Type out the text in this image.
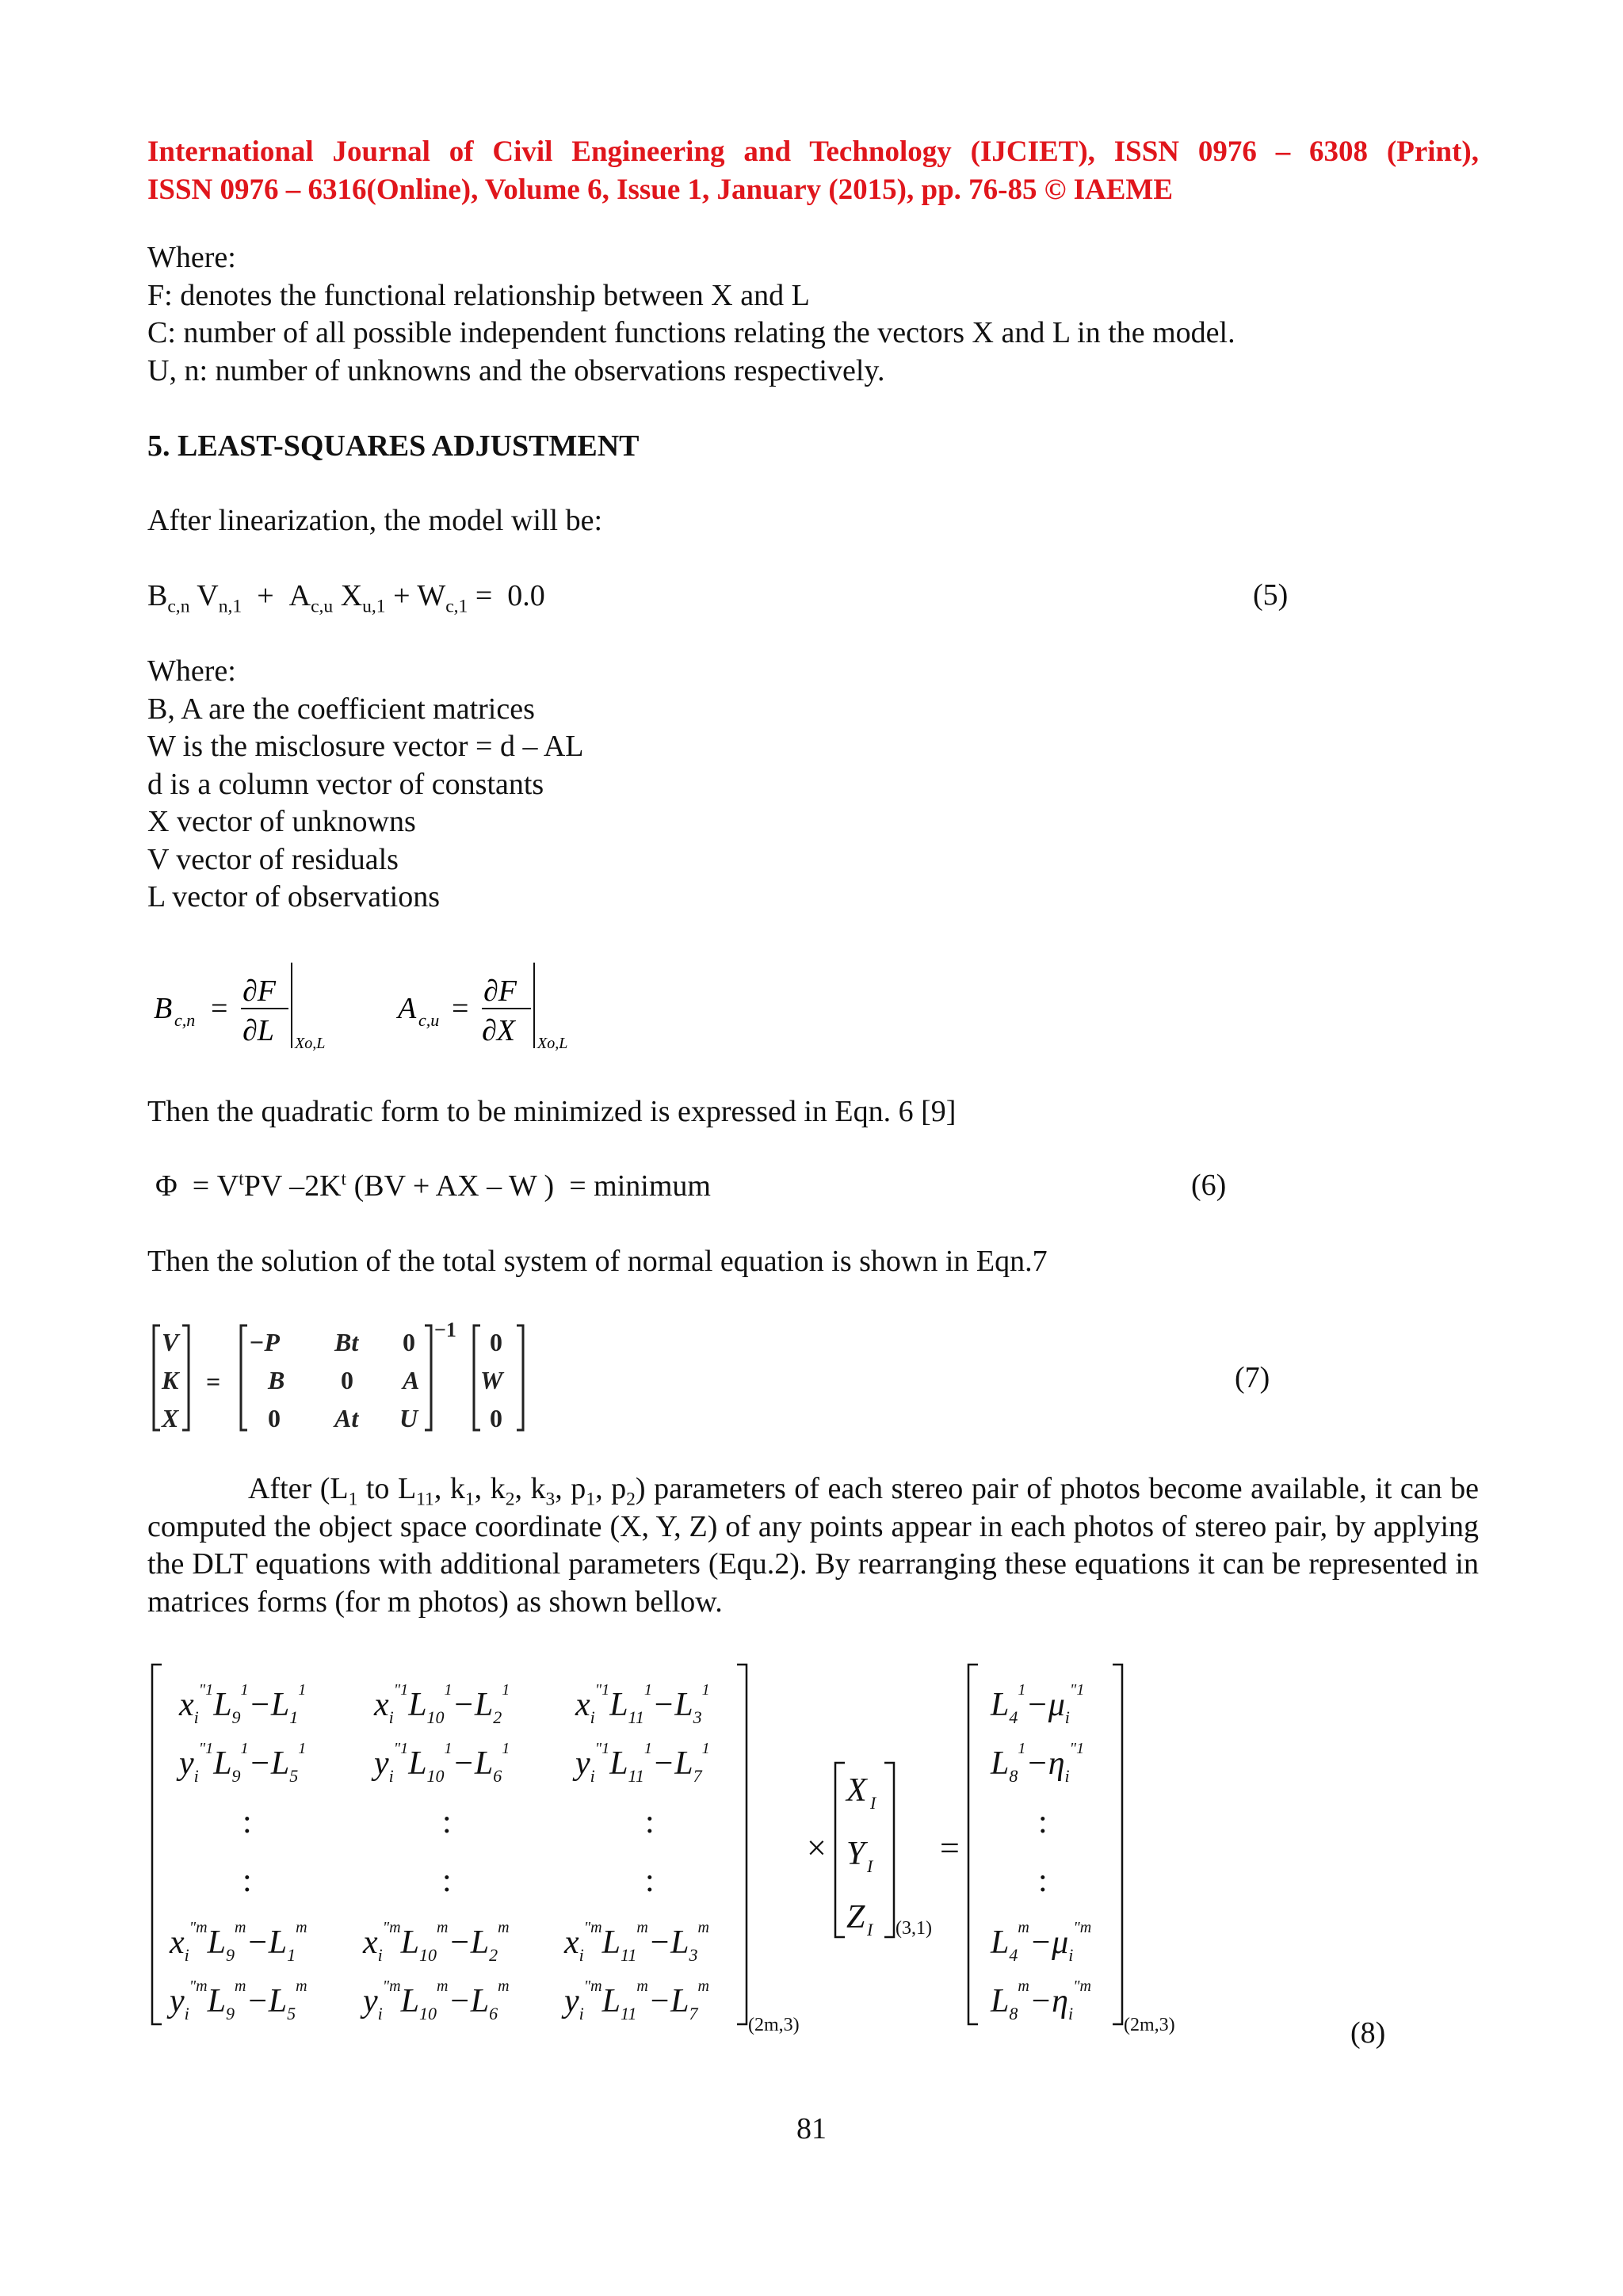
International Journal of Civil Engineering and Technology (IJCIET), ISSN 0976 – 6308 (Print),
ISSN 0976 – 6316(Online), Volume 6, Issue 1, January (2015), pp. 76-85 © IAEME
Where:
F: denotes the functional relationship between X and L
C: number of all possible independent functions relating the vectors X and L in the model.
U, n: number of unknowns and the observations respectively.
5. LEAST-SQUARES ADJUSTMENT
After linearization, the model will be:
$B_{c,n}$ $V_{n,1} + A_{c,u}$ $X_{u,1} + W_{c,1} = 0.0$	(5)
Where:
B, A are the coefficient matrices
W is the misclosure vector = d – AL
d is a column vector of constants
X vector of unknowns
V vector of residuals
L vector of observations
B c,n =
∂F
∂L Xo,L
A c,u =
∂F
∂X Xo,L
Then the quadratic form to be minimized is expressed in Eqn. 6 [9]
$\Phi = V^tPV$ $-2K^t$ (BV + AX – W )  = minimum	(6)
Then the solution of the total system of normal equation is shown in Eqn.7
V
K
X
=
−P Bt 0
B 0 A
0 At U
−1 0
W
0
(7)
After ($L_1$ to $L_{11}$, $k_1$, $k_2$, $k_3$, $p_1$, $p_2$) parameters of each stereo pair of photos become available, it can be computed the object space coordinate (X, Y, Z) of any points appear in each photos of stereo pair, by applying the DLT equations with additional parameters (Equ.2). By rearranging these equations it can be represented in matrices forms (for m photos) as shown bellow.
$x_i^{"1}L_9^1-L_1^1$ $x_i^{"1}L_{10}^1-L_2^1$ $x_i^{"1}L_{11}^1-L_3^1$
$y_i^{"1}L_9^1-L_5^1$ $y_i^{"1}L_{10}^1-L_6^1$ $y_i^{"1}L_{11}^1-L_7^1$
:	:	:
:	:	:
$x_i^{"m}L_9^m-L_1^m$ $x_i^{"m}L_{10}^m-L_2^m$ $x_i^{"m}L_{11}^m-L_3^m$
$y_i^{"m}L_9^m-L_5^m$ $y_i^{"m}L_{10}^m-L_6^m$ $y_i^{"m}L_{11}^m-L_7^m$
(2m,3)
×
X I
Y I
Z I (3,1)
=
$L_4^1-\mu_i^{"1}$
$L_8^1-\eta_i^{"1}$
:
:
$L_4^m-\mu_i^{"m}$
$L_8^m-\eta_i^{"m}$
(2m,3)	(8)
81
